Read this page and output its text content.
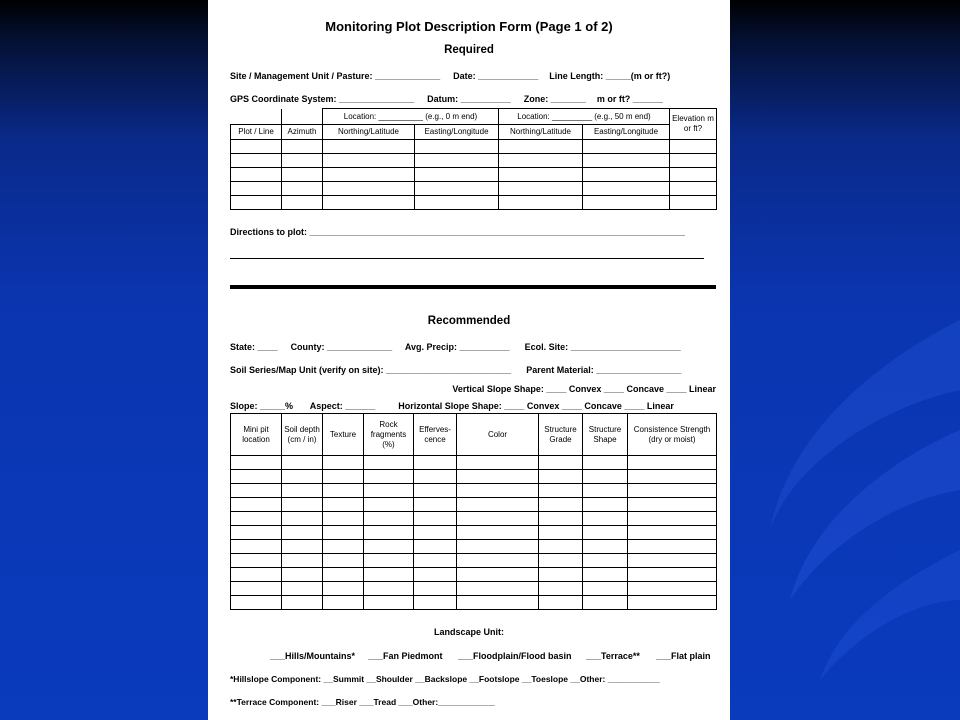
Monitoring Plot Description Form (Page 1 of 2)
Required
Site / Management Unit / Pasture: _____________ Date: ____________ Line Length: _____(m or ft?)
GPS Coordinate System: _______________ Datum: __________ Zone: _______ m or ft? ______
		Location: __________ (e.g., 0 m end)		Location: _________ (e.g., 50 m end)		Elevation m or ft?
Plot / Line	Azimuth	Northing/Latitude	Easting/Longitude	Northing/Latitude	Easting/Longitude	

Directions to plot: ___________________________________________________________________________
Recommended
State: ____ County: _____________ Avg. Precip: __________ Ecol. Site: ______________________
Soil Series/Map Unit (verify on site): _________________________ Parent Material: _________________
Vertical Slope Shape: ____ Convex ____ Concave ____ Linear
Slope: _____% Aspect: ______	Horizontal Slope Shape: ____ Convex ____ Concave ____ Linear
Mini pit location	Soil depth (cm / in)	Texture	Rock fragments (%)	Efferves- cence	Color	Structure Grade	Structure Shape	Consistence Strength (dry or moist)

Landscape Unit:
___Hills/Mountains* ___Fan Piedmont ___Floodplain/Flood basin ___Terrace** ___Flat plain
*Hillslope Component: __Summit __Shoulder __Backslope __Footslope __Toeslope __Other: ___________
**Terrace Component: ___Riser ___Tread ___Other:____________
